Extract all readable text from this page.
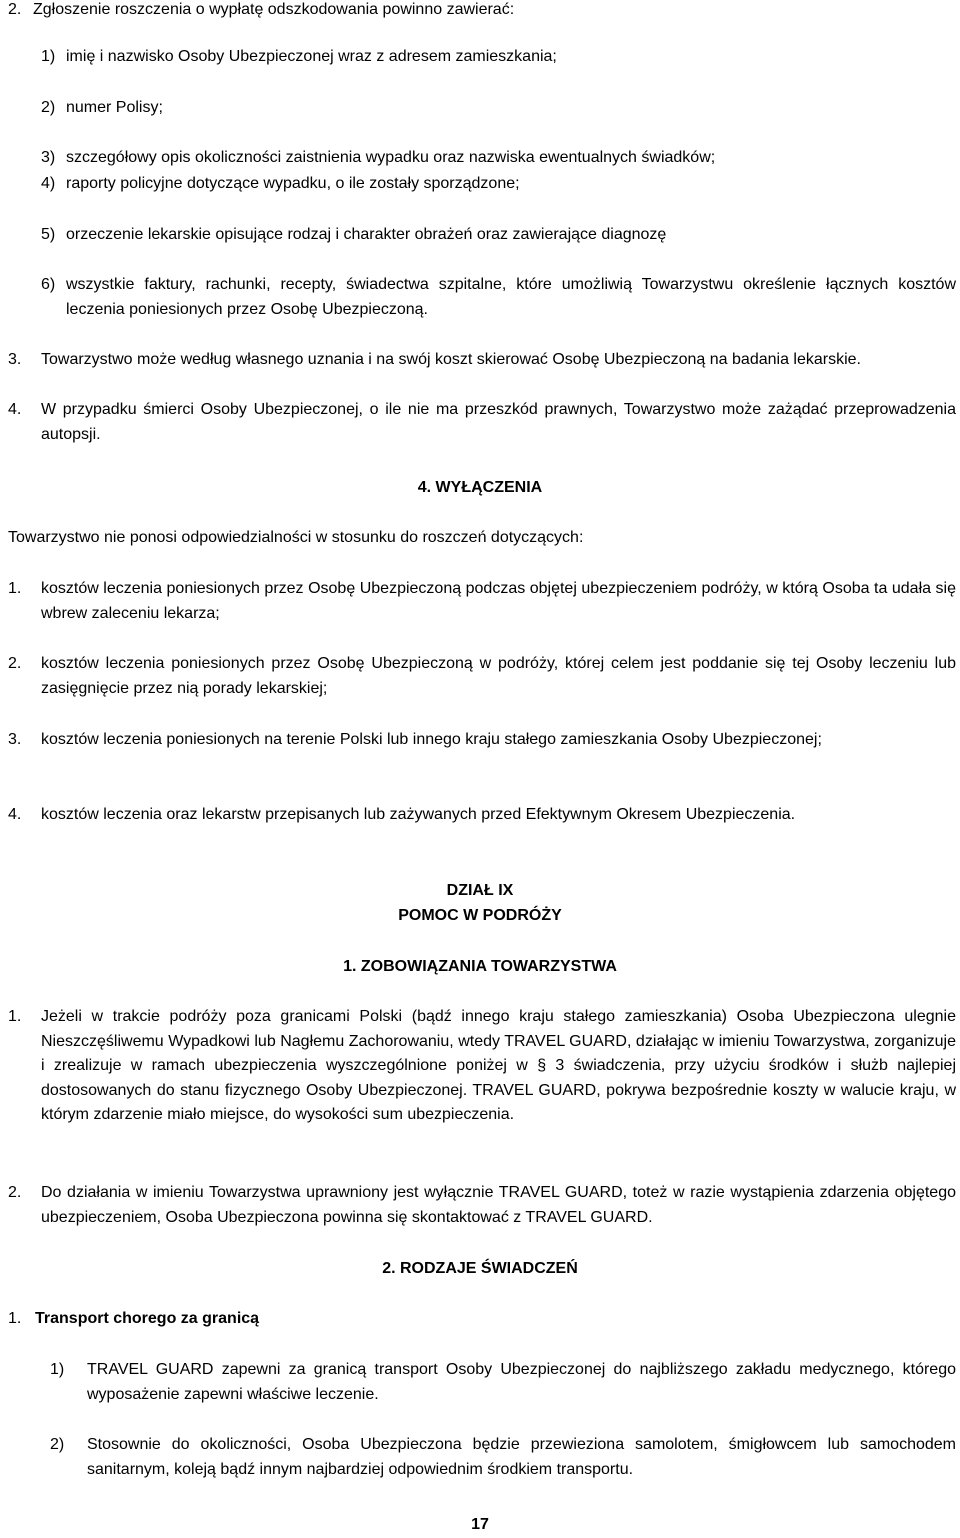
2. Zgłoszenie roszczenia o wypłatę odszkodowania powinno zawierać:
1) imię i nazwisko Osoby Ubezpieczonej wraz z adresem zamieszkania;
2) numer Polisy;
3) szczegółowy opis okoliczności zaistnienia wypadku oraz nazwiska ewentualnych świadków;
4) raporty policyjne dotyczące wypadku, o ile zostały sporządzone;
5) orzeczenie lekarskie opisujące rodzaj i charakter obrażeń oraz zawierające diagnozę
6) wszystkie faktury, rachunki, recepty, świadectwa szpitalne, które umożliwią Towarzystwu określenie łącznych kosztów leczenia poniesionych przez Osobę Ubezpieczoną.
3. Towarzystwo może według własnego uznania i na swój koszt skierować Osobę Ubezpieczoną na badania lekarskie.
4. W przypadku śmierci Osoby Ubezpieczonej, o ile nie ma przeszkód prawnych, Towarzystwo może zażądać przeprowadzenia autopsji.
4. WYŁĄCZENIA
Towarzystwo nie ponosi odpowiedzialności w stosunku do roszczeń dotyczących:
1. kosztów leczenia poniesionych przez Osobę Ubezpieczoną podczas objętej ubezpieczeniem podróży, w którą Osoba ta udała się wbrew zaleceniu lekarza;
2. kosztów leczenia poniesionych przez Osobę Ubezpieczoną w podróży, której celem jest poddanie się tej Osoby leczeniu lub zasięgnięcie przez nią porady lekarskiej;
3. kosztów leczenia poniesionych na terenie Polski lub innego kraju stałego zamieszkania Osoby Ubezpieczonej;
4. kosztów leczenia oraz lekarstw przepisanych lub zażywanych przed Efektywnym Okresem Ubezpieczenia.
DZIAŁ IX
POMOC W PODRÓŻY
1. ZOBOWIĄZANIA TOWARZYSTWA
1. Jeżeli w trakcie podróży poza granicami Polski (bądź innego kraju stałego zamieszkania) Osoba Ubezpieczona ulegnie Nieszczęśliwemu Wypadkowi lub Nagłemu Zachorowaniu, wtedy TRAVEL GUARD, działając w imieniu Towarzystwa, zorganizuje i zrealizuje w ramach ubezpieczenia wyszczególnione poniżej w § 3 świadczenia, przy użyciu środków i służb najlepiej dostosowanych do stanu fizycznego Osoby Ubezpieczonej. TRAVEL GUARD, pokrywa bezpośrednie koszty w walucie kraju, w którym zdarzenie miało miejsce, do wysokości sum ubezpieczenia.
2. Do działania w imieniu Towarzystwa uprawniony jest wyłącznie TRAVEL GUARD, toteż w razie wystąpienia zdarzenia objętego ubezpieczeniem, Osoba Ubezpieczona powinna się skontaktować z TRAVEL GUARD.
2. RODZAJE ŚWIADCZEŃ
1. Transport chorego za granicą
1) TRAVEL GUARD zapewni za granicą transport Osoby Ubezpieczonej do najbliższego zakładu medycznego, którego wyposażenie zapewni właściwe leczenie.
2) Stosownie do okoliczności, Osoba Ubezpieczona będzie przewieziona samolotem, śmigłowcem lub samochodem sanitarnym, koleją bądź innym najbardziej odpowiednim środkiem transportu.
17
